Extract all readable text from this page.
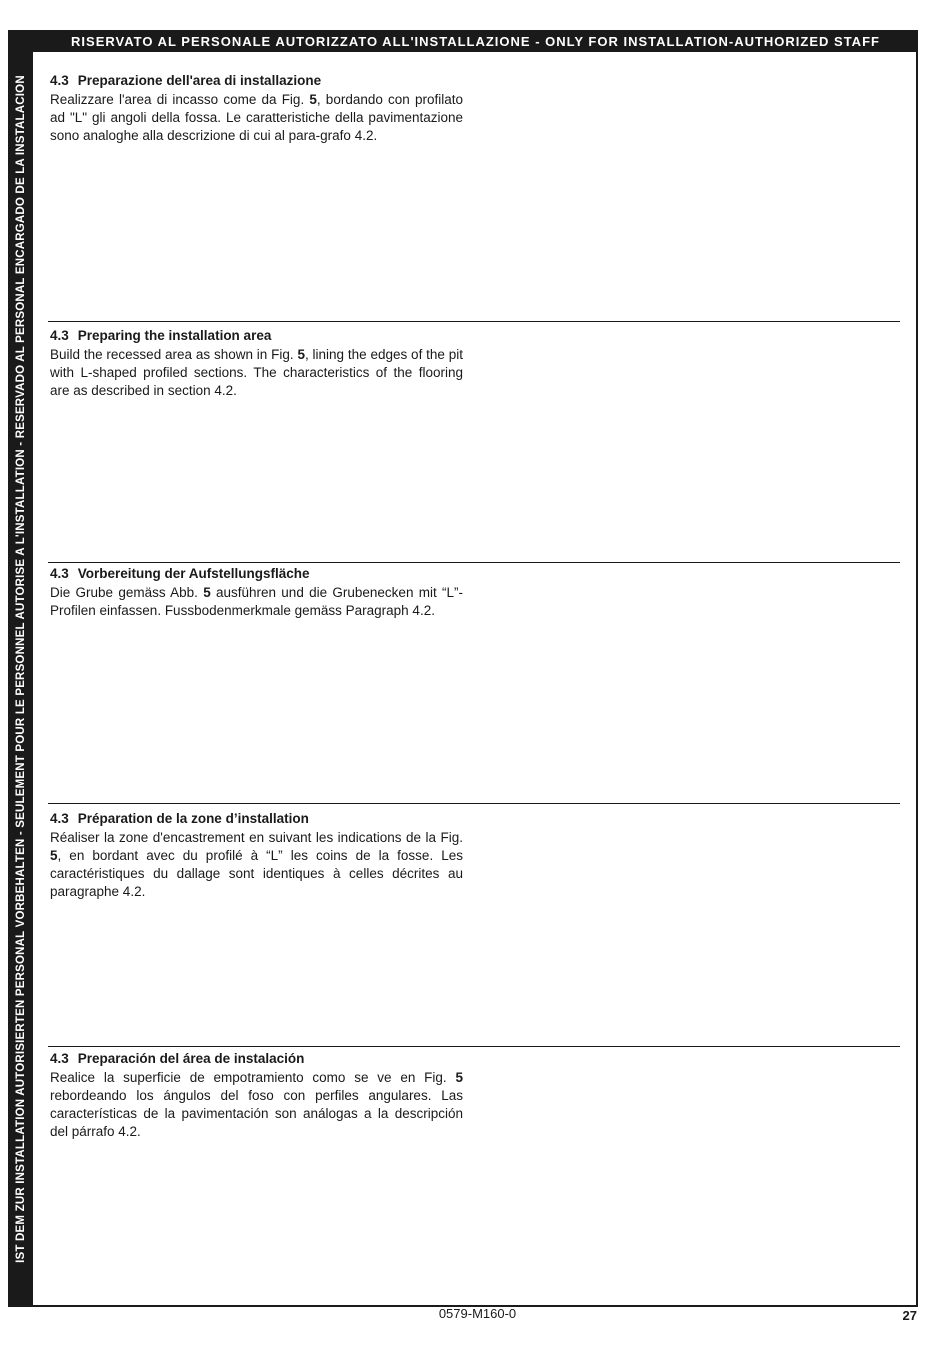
RISERVATO AL PERSONALE AUTORIZZATO ALL'INSTALLAZIONE - ONLY FOR INSTALLATION-AUTHORIZED STAFF
IST DEM ZUR INSTALLATION AUTORISIERTEN PERSONAL VORBEHALTEN - SEULEMENT POUR LE PERSONNEL AUTORISE A L'INSTALLATION - RESERVADO AL PERSONAL ENCARGADO DE LA INSTALACION 4.3 Preparazione dell'area di installazione

Realizzare l'area di incasso come da Fig. 5, bordando con profilato ad "L" gli angoli della fossa. Le caratteristiche della pavimentazione sono analoghe alla descrizione di cui al para-grafo 4.2.

4.3 Preparing the installation area

Build the recessed area as shown in Fig. 5, lining the edges of the pit with L-shaped profiled sections. The characteristics of the flooring are as described in section 4.2.

4.3 Vorbereitung der Aufstellungsfläche

Die Grube gemäss Abb. 5 ausführen und die Grubenecken mit “L”-Profilen einfassen. Fussbodenmerkmale gemäss Paragraph 4.2.

4.3 Préparation de la zone d’installation

Réaliser la zone d'encastrement en suivant les indications de la Fig. 5, en bordant avec du profilé à “L” les coins de la fosse. Les caractéristiques du dallage sont identiques à celles décrites au paragraphe 4.2.

4.3 Preparación del área de instalación

Realice la superficie de empotramiento como se ve en Fig. 5 rebordeando los ángulos del foso con perfiles angulares. Las características de la pavimentación son análogas a la descripción del párrafo 4.2.

0579-M160-0	27
